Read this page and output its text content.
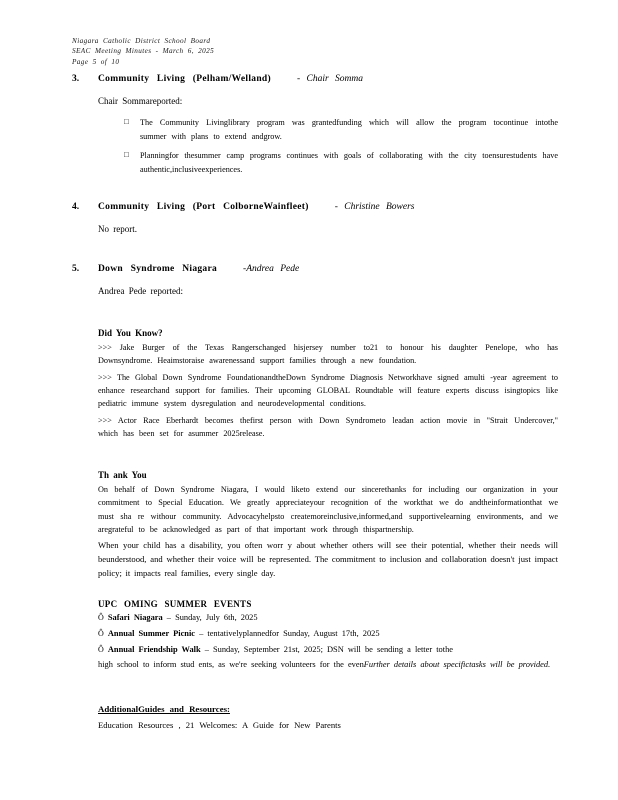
Niagara Catholic District School Board
SEAC Meeting Minutes - March 6, 2025
Page 5 of 10
3.	Community Living (Pelham/Welland)	- Chair Somma
Chair Sommareported:
□	The Community Livinglibrary program was grantedfunding which will allow the program tocontinue intothe summer with plans to extend andgrow.
□	Planningfor thesummer camp programs continues with goals of collaborating with the city toensurestudents have authentic,inclusiveexperiences.
4.	Community Living (Port ColborneWainfleet)	- Christine Bowers
No report.
5.	Down Syndrome Niagara	-Andrea Pede
Andrea Pede reported:
Did You Know?
>>> Jake Burger of the Texas Rangerschanged hisjersey number to21 to honour his daughter Penelope, who has Downsyndrome. Heaimstoraise awarenessand support families through a new foundation.
>>> The Global Down Syndrome FoundationandtheDown Syndrome Diagnosis Networkhave signed amulti -year agreement to enhance researchand support for families. Their upcoming GLOBAL Roundtable will feature experts discuss isingtopics like pediatric immune system dysregulation and neurodevelopmental conditions.
>>> Actor Race Eberhardt becomes thefirst person with Down Syndrometo leadan action movie in "Strait Undercover," which has been set for asummer 2025release.
Th ank You
On behalf of Down Syndrome Niagara, I would liketo extend our sincerethanks for including our organization in your commitment to Special Education. We greatly appreciateyour recognition of the workthat we do andtheinformationthat we must sha re withour community. Advocacyhelpsto createmoreinclusive,informed,and supportivelearning environments, and we aregrateful to be acknowledged as part of that important work through thispartnership.
When your child has a disability, you often worr y about whether others will see their potential, whether their needs will beunderstood, and whether their voice will be represented. The commitment to inclusion and collaboration doesn't just impact policy; it impacts real families, every single day.
UPC OMING SUMMER EVENTS
Ô Safari Niagara – Sunday, July 6th, 2025
Ô Annual Summer Picnic – tentativelyplannedfor Sunday, August 17th, 2025
Ô Annual Friendship Walk – Sunday, September 21st, 2025; DSN will be sending a letter tothe
high school to inform stud ents, as we're seeking volunteers for the evenFurther details about specifictasks will be provided.
AdditionalGuides and Resources:
Education Resources , 21 Welcomes: A Guide for New Parents
